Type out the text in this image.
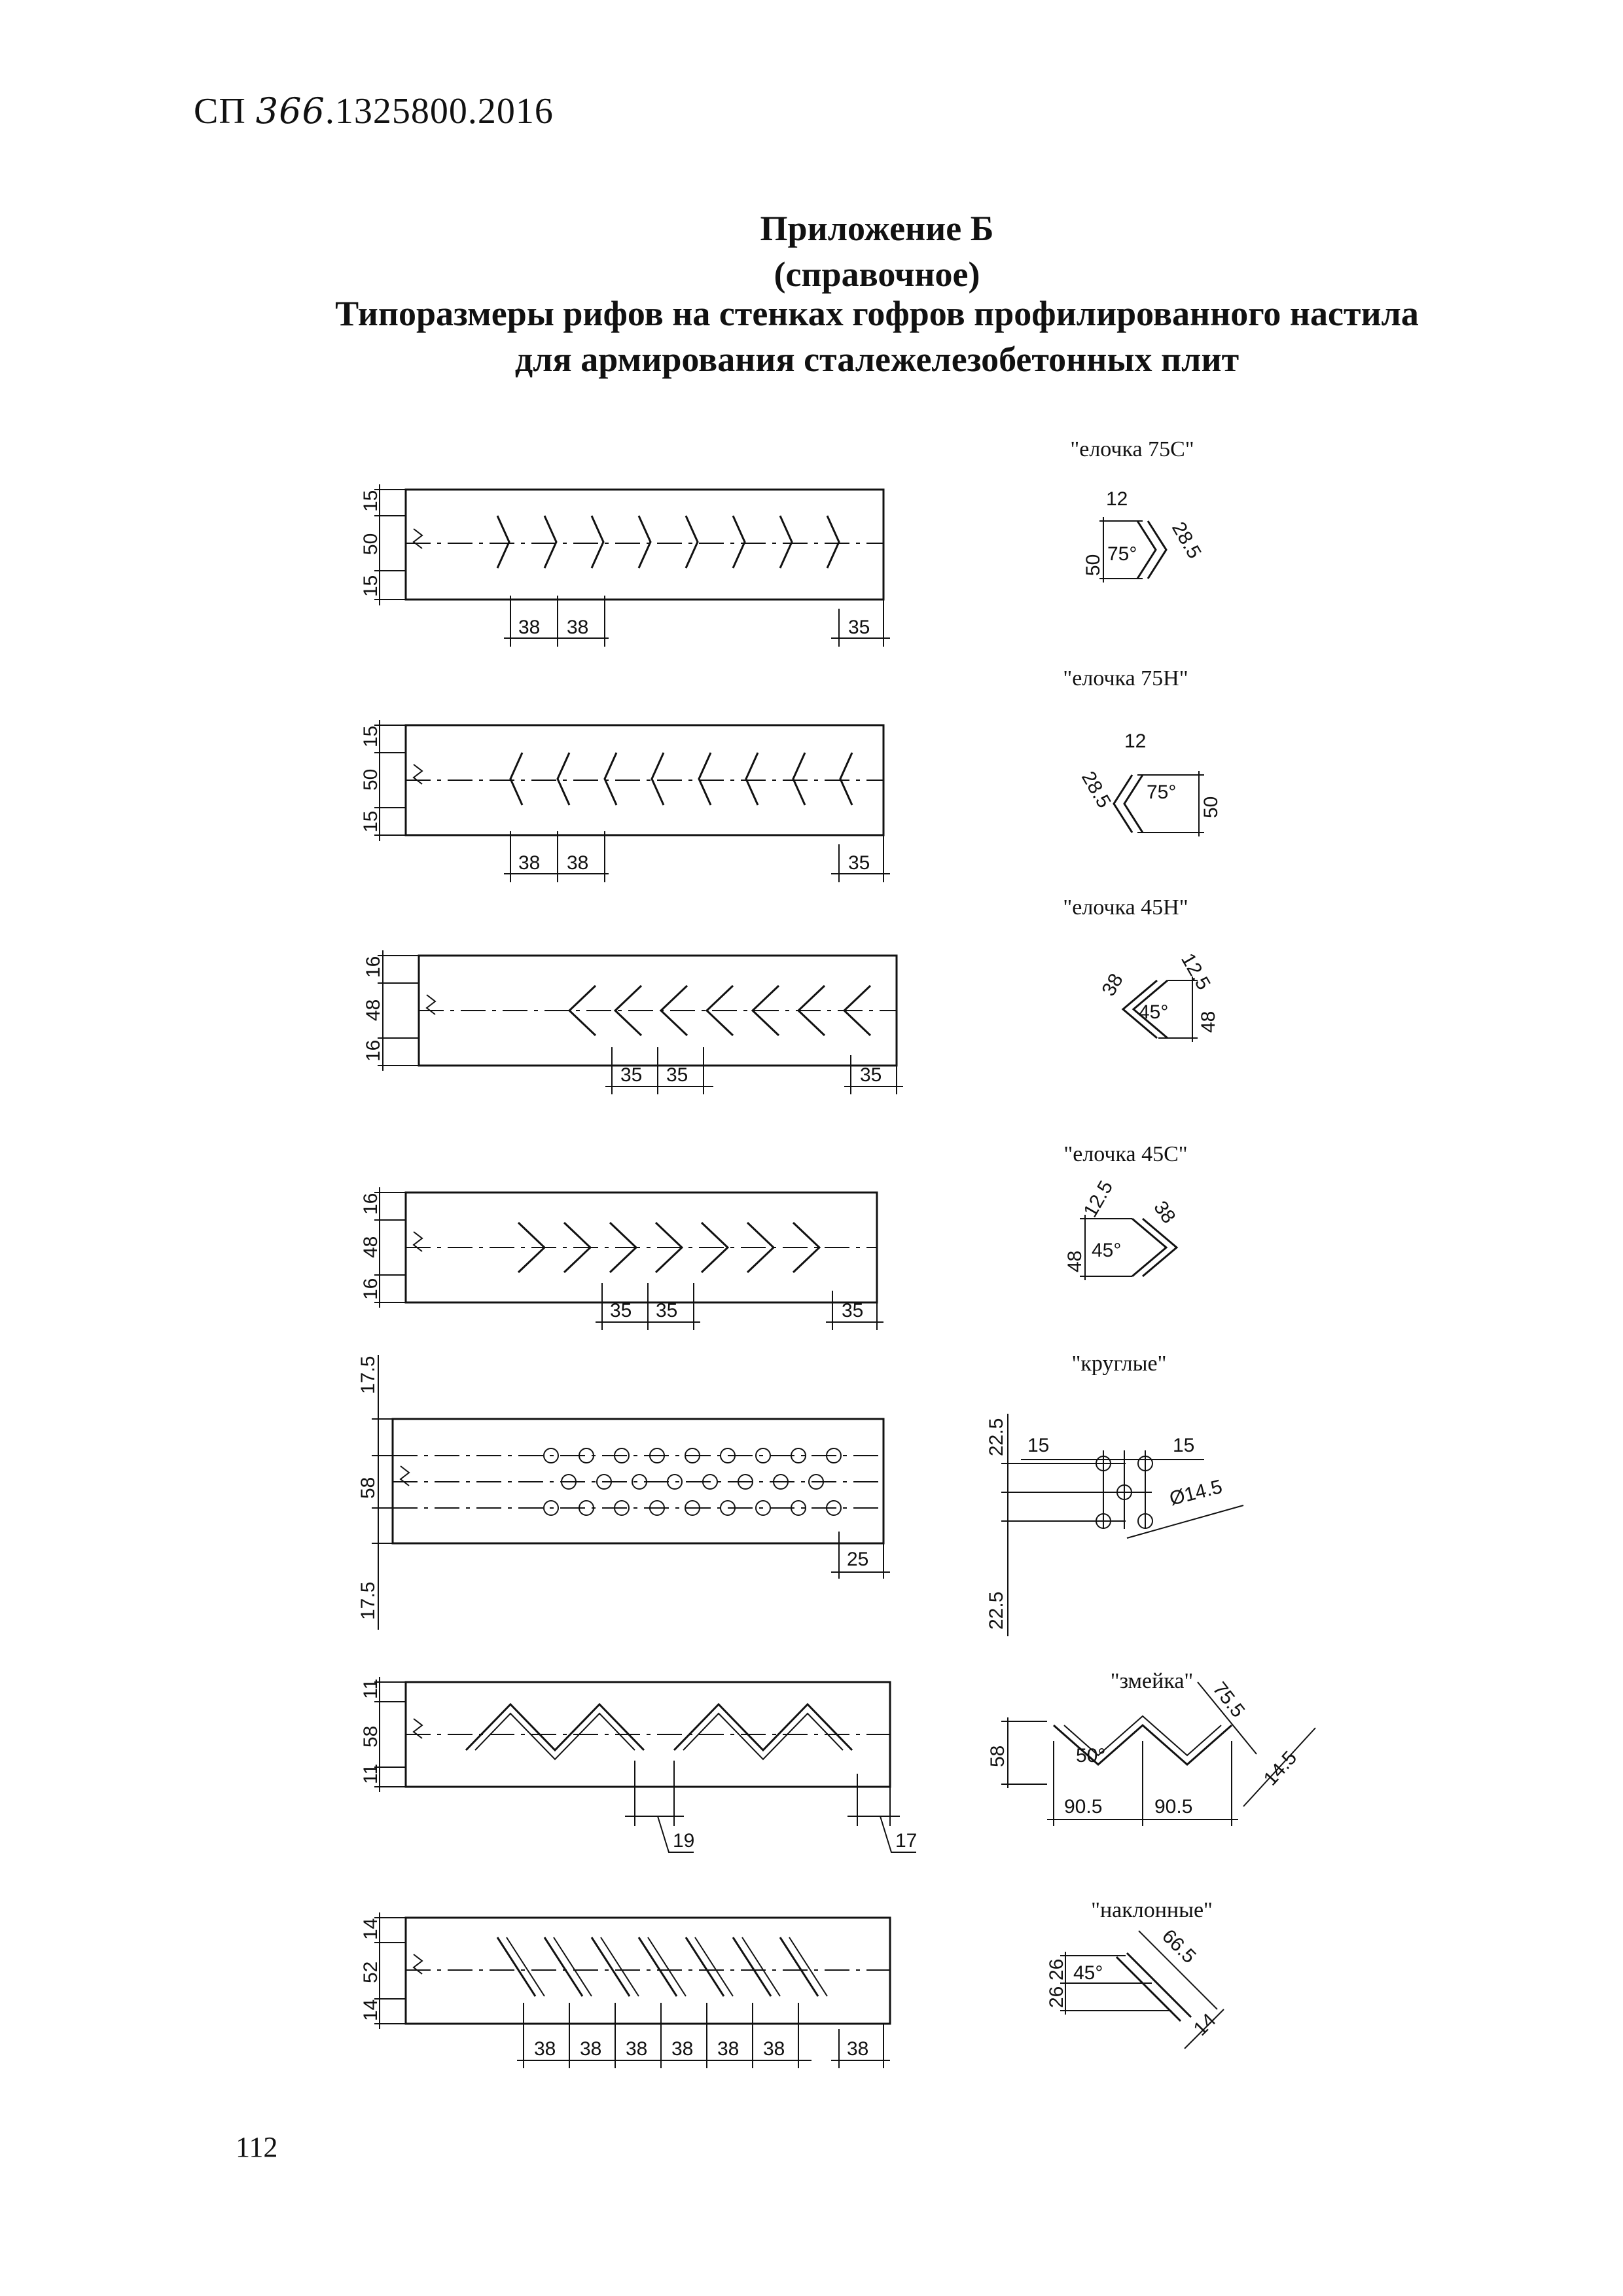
СП 366.1325800.2016
Приложение Б
(справочное)
Типоразмеры рифов на стенках гофров профилированного настила
для армирования сталежелезобетонных плит
"елочка 75С"
"елочка 75Н"
"елочка 45Н"
"елочка 45С"
"круглые"
"змейка"
"наклонные"
15
50
15
38 38	35
50
75°
12
28.5
15
50
15
38 38	35
50
75°
12
28.5
16
48
16
35 35	35
48
45°
38	12.5
16
48
16
35 35	35
48
45°
12.5 38
17.5
58
17.5
25
22.5
22.5
15	15
Ø14.5
11
58
11
19	17
58	50°
90.5	90.5
75.5
14.5
14
52
14
38 38 38 38 38 38	38
26
26
45°
66.5
14
112
